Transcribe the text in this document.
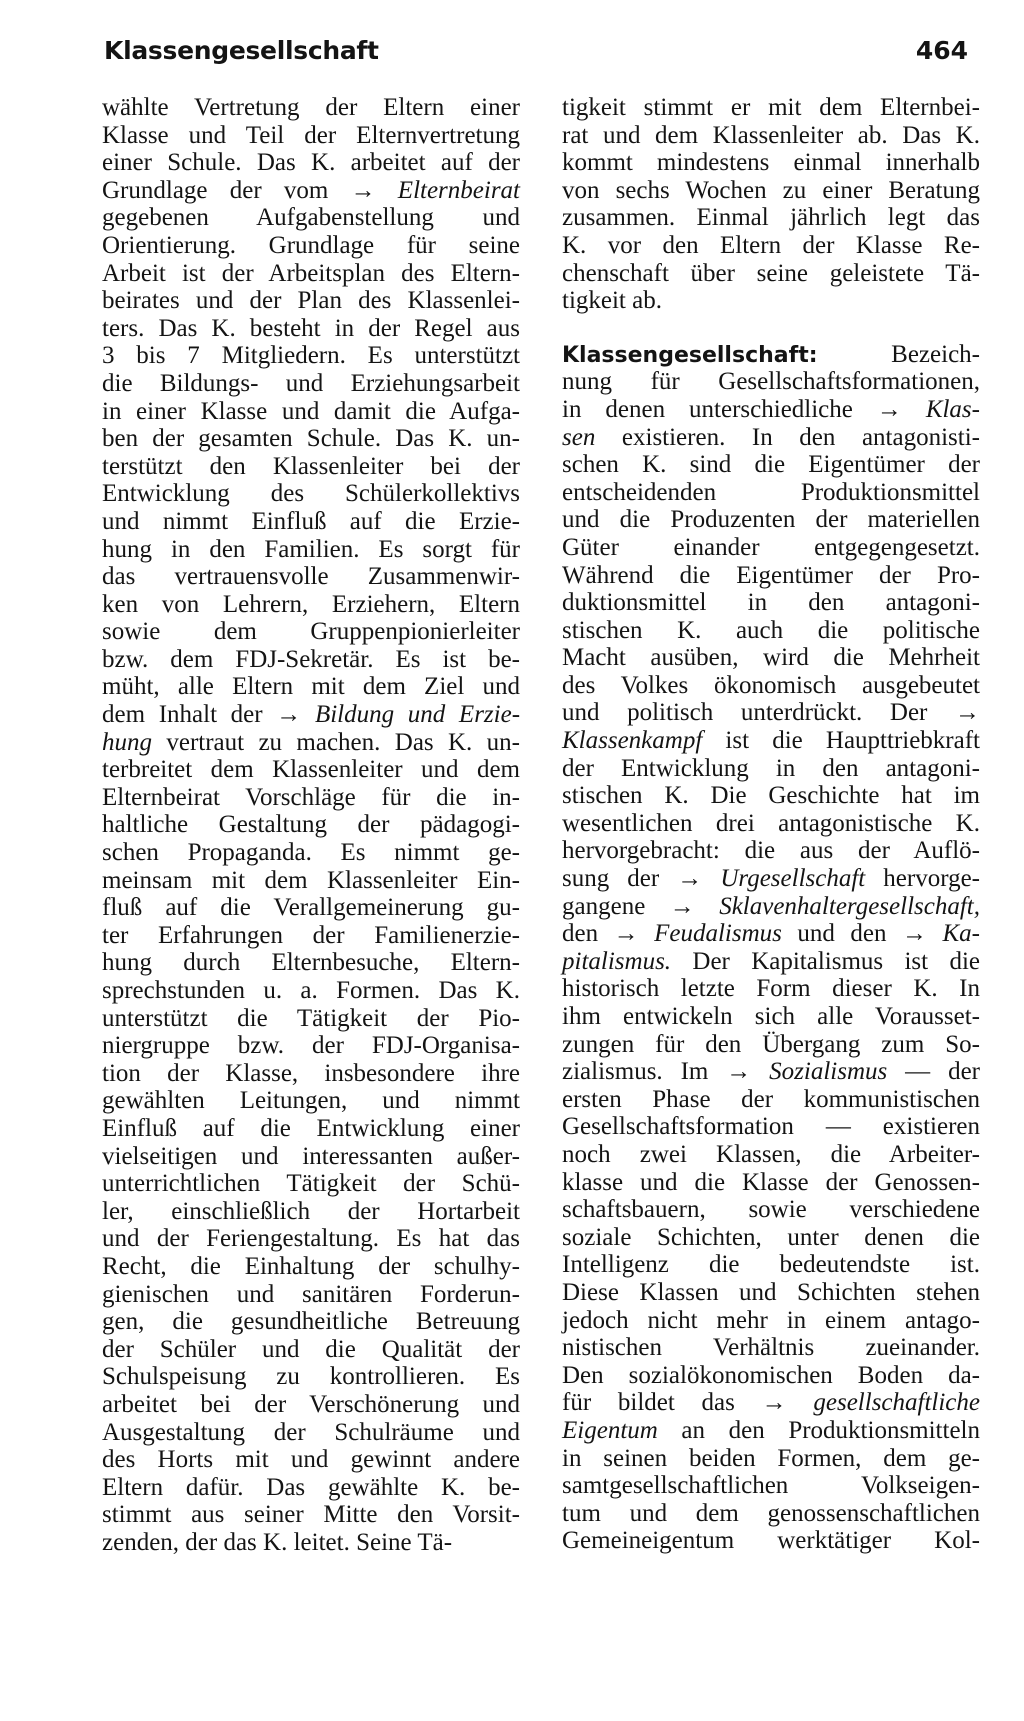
Klassengesellschaft	464
wählte Vertretung der Eltern einer
Klasse und Teil der Elternvertretung
einer Schule. Das K. arbeitet auf der
Grundlage der vom → Elternbeirat
gegebenen Aufgabenstellung und
Orientierung. Grundlage für seine
Arbeit ist der Arbeitsplan des Eltern-
beirates und der Plan des Klassenlei-
ters. Das K. besteht in der Regel aus
3 bis 7 Mitgliedern. Es unterstützt
die Bildungs- und Erziehungsarbeit
in einer Klasse und damit die Aufga-
ben der gesamten Schule. Das K. un-
terstützt den Klassenleiter bei der
Entwicklung des Schülerkollektivs
und nimmt Einfluß auf die Erzie-
hung in den Familien. Es sorgt für
das vertrauensvolle Zusammenwir-
ken von Lehrern, Erziehern, Eltern
sowie dem Gruppenpionierleiter
bzw. dem FDJ-Sekretär. Es ist be-
müht, alle Eltern mit dem Ziel und
dem Inhalt der → Bildung und Erzie-
hung vertraut zu machen. Das K. un-
terbreitet dem Klassenleiter und dem
Elternbeirat Vorschläge für die in-
haltliche Gestaltung der pädagogi-
schen Propaganda. Es nimmt ge-
meinsam mit dem Klassenleiter Ein-
fluß auf die Verallgemeinerung gu-
ter Erfahrungen der Familienerzie-
hung durch Elternbesuche, Eltern-
sprechstunden u. a. Formen. Das K.
unterstützt die Tätigkeit der Pio-
niergruppe bzw. der FDJ-Organisa-
tion der Klasse, insbesondere ihre
gewählten Leitungen, und nimmt
Einfluß auf die Entwicklung einer
vielseitigen und interessanten außer-
unterrichtlichen Tätigkeit der Schü-
ler, einschließlich der Hortarbeit
und der Feriengestaltung. Es hat das
Recht, die Einhaltung der schulhy-
gienischen und sanitären Forderun-
gen, die gesundheitliche Betreuung
der Schüler und die Qualität der
Schulspeisung zu kontrollieren. Es
arbeitet bei der Verschönerung und
Ausgestaltung der Schulräume und
des Horts mit und gewinnt andere
Eltern dafür. Das gewählte K. be-
stimmt aus seiner Mitte den Vorsit-
zenden, der das K. leitet. Seine Tä-
tigkeit stimmt er mit dem Elternbei-
rat und dem Klassenleiter ab. Das K.
kommt mindestens einmal innerhalb
von sechs Wochen zu einer Beratung
zusammen. Einmal jährlich legt das
K. vor den Eltern der Klasse Re-
chenschaft über seine geleistete Tä-
tigkeit ab.
Klassengesellschaft: Bezeich-
nung für Gesellschaftsformationen,
in denen unterschiedliche → Klas-
sen existieren. In den antagonisti-
schen K. sind die Eigentümer der
entscheidenden Produktionsmittel
und die Produzenten der materiellen
Güter einander entgegengesetzt.
Während die Eigentümer der Pro-
duktionsmittel in den antagoni-
stischen K. auch die politische
Macht ausüben, wird die Mehrheit
des Volkes ökonomisch ausgebeutet
und politisch unterdrückt. Der →
Klassenkampf ist die Haupttriebkraft
der Entwicklung in den antagoni-
stischen K. Die Geschichte hat im
wesentlichen drei antagonistische K.
hervorgebracht: die aus der Auflö-
sung der → Urgesellschaft hervorge-
gangene → Sklavenhaltergesellschaft,
den → Feudalismus und den → Ka-
pitalismus. Der Kapitalismus ist die
historisch letzte Form dieser K. In
ihm entwickeln sich alle Vorausset-
zungen für den Übergang zum So-
zialismus. Im → Sozialismus — der
ersten Phase der kommunistischen
Gesellschaftsformation — existieren
noch zwei Klassen, die Arbeiter-
klasse und die Klasse der Genossen-
schaftsbauern, sowie verschiedene
soziale Schichten, unter denen die
Intelligenz die bedeutendste ist.
Diese Klassen und Schichten stehen
jedoch nicht mehr in einem antago-
nistischen Verhältnis zueinander.
Den sozialökonomischen Boden da-
für bildet das → gesellschaftliche
Eigentum an den Produktionsmitteln
in seinen beiden Formen, dem ge-
samtgesellschaftlichen Volkseigen-
tum und dem genossenschaftlichen
Gemeineigentum werktätiger Kol-
